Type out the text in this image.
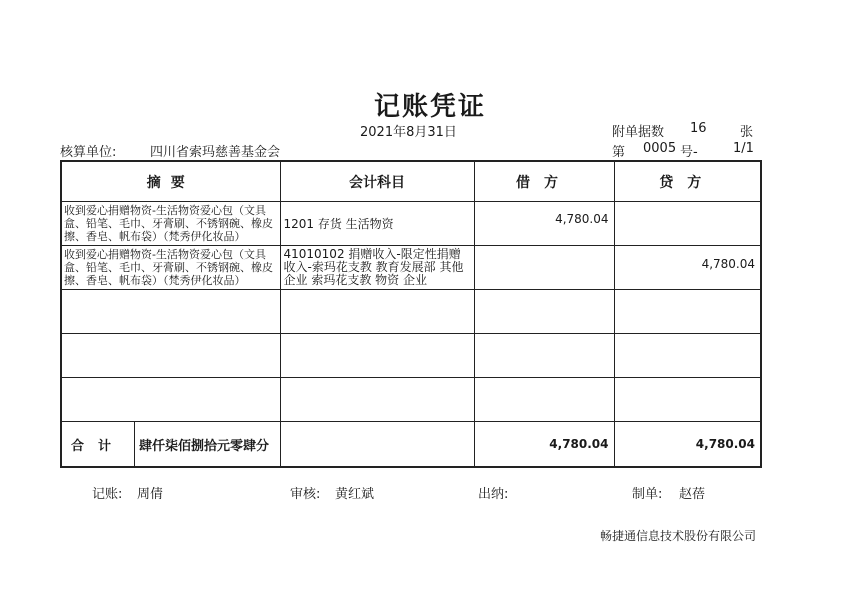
记账凭证
2021年8月31日
核算单位:	四川省索玛慈善基金会
附单据数 16	张
第 0005 号-	1/1
摘要	会计科目	借方	贷方
收到爱心捐赠物资-生活物资爱心包（文具盒、铅笔、毛巾、牙膏刷、不锈钢碗、橡皮擦、香皂、帆布袋）（梵秀伊化妆品）	1201 存货 生活物资	4,780.04	
收到爱心捐赠物资-生活物资爱心包（文具盒、铅笔、毛巾、牙膏刷、不锈钢碗、橡皮擦、香皂、帆布袋）（梵秀伊化妆品）	41010102 捐赠收入-限定性捐赠收入-索玛花支教 教育发展部 其他企业 索玛花支教 物资 企业		4,780.04

合计 肆仟柒佰捌拾元零肆分		4,780.04	4,780.04
记账: 周倩	审核: 黄红斌	出纳:	制单: 赵蓓
畅捷通信息技术股份有限公司
